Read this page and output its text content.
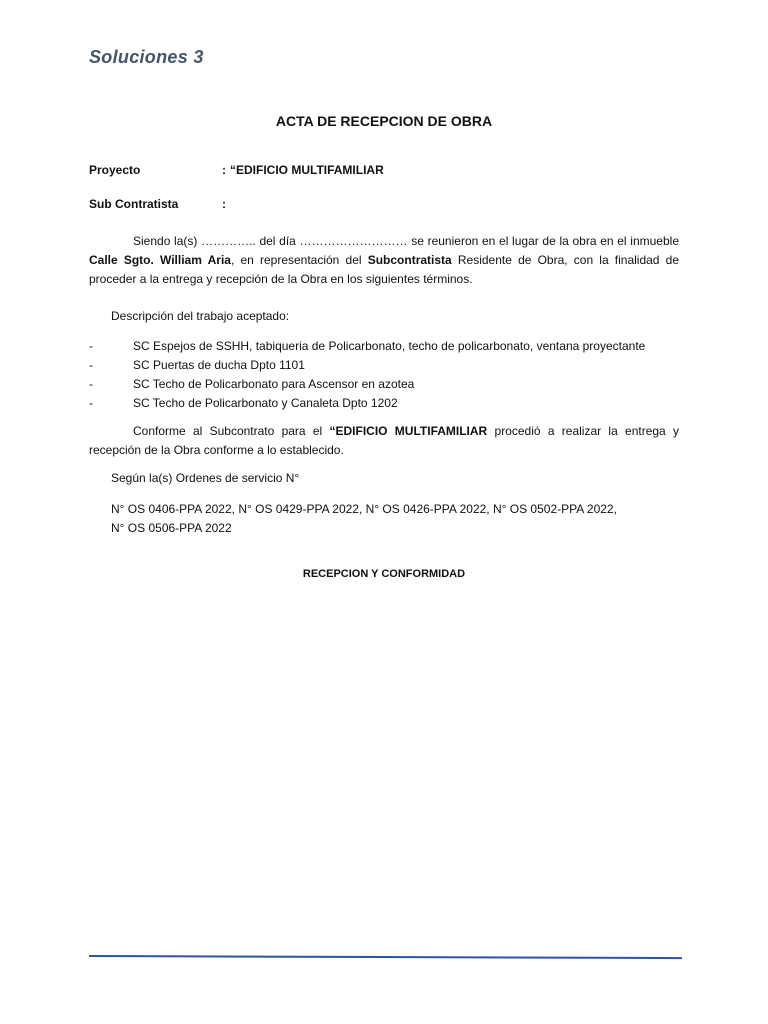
Soluciones 3
ACTA DE RECEPCION DE OBRA
Proyecto	: “EDIFICIO MULTIFAMILIAR
Sub Contratista	:
Siendo la(s) ………….. del día ……………………… se reunieron en el lugar de la obra en el inmueble Calle Sgto. William Aria, en representación del Subcontratista Residente de Obra, con la finalidad de proceder a la entrega y recepción de la Obra en los siguientes términos.
Descripción del trabajo aceptado:
-	SC Espejos de SSHH, tabiqueria de Policarbonato, techo de policarbonato, ventana proyectante
-	SC Puertas de ducha Dpto 1101
-	SC Techo de Policarbonato para Ascensor en azotea
-	SC Techo de Policarbonato y Canaleta Dpto 1202
Conforme al Subcontrato para el “EDIFICIO MULTIFAMILIAR procedió a realizar la entrega y recepción de la Obra conforme a lo establecido.
Según la(s) Ordenes de servicio N°
N° OS 0406-PPA 2022, N° OS 0429-PPA 2022, N° OS 0426-PPA 2022, N° OS 0502-PPA 2022,
N° OS 0506-PPA 2022
RECEPCION Y CONFORMIDAD
